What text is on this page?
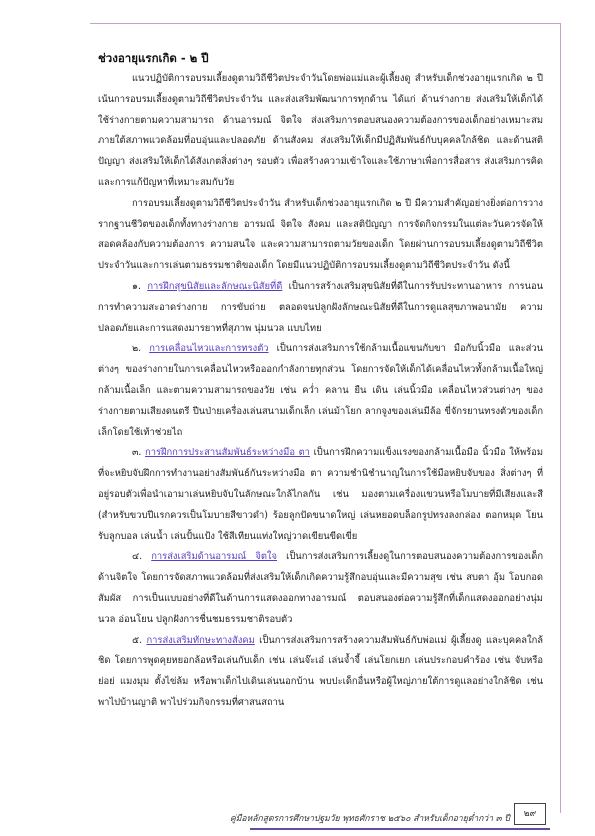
ช่วงอายุแรกเกิด - ๒ ปี

แนวปฏิบัติการอบรมเลี้ยงดูตามวิถีชีวิตประจำวันโดยพ่อแม่และผู้เลี้ยงดู สำหรับเด็กช่วงอายุแรกเกิด ๒ ปี เน้นการอบรมเลี้ยงดูตามวิถีชีวิตประจำวัน และส่งเสริมพัฒนาการทุกด้าน ได้แก่ ด้านร่างกาย ส่งเสริมให้เด็กได้ใช้ร่างกายตามความสามารถ ด้านอารมณ์ จิตใจ ส่งเสริมการตอบสนองความต้องการของเด็กอย่างเหมาะสม ภายใต้สภาพแวดล้อมที่อบอุ่นและปลอดภัย ด้านสังคม ส่งเสริมให้เด็กมีปฏิสัมพันธ์กับบุคคลใกล้ชิด และด้านสติปัญญา ส่งเสริมให้เด็กได้สังเกตสิ่งต่างๆ รอบตัว เพื่อสร้างความเข้าใจและใช้ภาษาเพื่อการสื่อสาร ส่งเสริมการคิด และการแก้ปัญหาที่เหมาะสมกับวัย

การอบรมเลี้ยงดูตามวิถีชีวิตประจำวัน สำหรับเด็กช่วงอายุแรกเกิด ๒ ปี มีความสำคัญอย่างยิ่งต่อการวางรากฐานชีวิตของเด็กทั้งทางร่างกาย อารมณ์ จิตใจ สังคม และสติปัญญา การจัดกิจกรรมในแต่ละวันควรจัดให้สอดคล้องกับความต้องการ ความสนใจ และความสามารถตามวัยของเด็ก โดยผ่านการอบรมเลี้ยงดูตามวิถีชีวิตประจำวันและการเล่นตามธรรมชาติของเด็ก โดยมีแนวปฏิบัติการอบรมเลี้ยงดูตามวิถีชีวิตประจำวัน ดังนี้

๑. การฝึกสุขนิสัยและลักษณะนิสัยที่ดี เป็นการสร้างเสริมสุขนิสัยที่ดีในการรับประทานอาหาร การนอน การทำความสะอาดร่างกาย การขับถ่าย ตลอดจนปลูกฝังลักษณะนิสัยที่ดีในการดูแลสุขภาพอนามัย ความปลอดภัยและการแสดงมารยาทที่สุภาพ นุ่มนวล แบบไทย

๒. การเคลื่อนไหวและการทรงตัว เป็นการส่งเสริมการใช้กล้ามเนื้อแขนกับขา มือกับนิ้วมือ และส่วนต่างๆ ของร่างกายในการเคลื่อนไหวหรือออกกำลังกายทุกส่วน โดยการจัดให้เด็กได้เคลื่อนไหวทั้งกล้ามเนื้อใหญ่ กล้ามเนื้อเล็ก และตามความสามารถของวัย เช่น คว่ำ คลาน ยืน เดิน เล่นนิ้วมือ เคลื่อนไหวส่วนต่างๆ ของร่างกายตามเสียงดนตรี ปีนป่ายเครื่องเล่นสนามเด็กเล็ก เล่นม้าโยก ลากจูงของเล่นมีล้อ ขี่จักรยานทรงตัวของเด็กเล็กโดยใช้เท้าช่วยไถ

๓. การฝึกการประสานสัมพันธ์ระหว่างมือ ตา เป็นการฝึกความแข็งแรงของกล้ามเนื้อมือ นิ้วมือ ให้พร้อมที่จะหยิบจับฝึกการทำงานอย่างสัมพันธ์กันระหว่างมือ ตา ความชำนิชำนาญในการใช้มือหยิบจับของ สิ่งต่างๆ ที่อยู่รอบตัวเพื่อนำเอามาเล่นหยิบจับในลักษณะใกล้ไกลกัน เช่น มองตามเครื่องแขวนหรือโมบายที่มีเสียงและสี (สำหรับขวบปีแรกควรเป็นโมบายสีขาวดำ) ร้อยลูกปัดขนาดใหญ่ เล่นหยอดบล็อกรูปทรงลงกล่อง ตอกหมุด โยนรับลูกบอล เล่นน้ำ เล่นปั้นแป้ง ใช้สีเทียนแท่งใหญ่วาดเขียนขีดเขี่ย

๔. การส่งเสริมด้านอารมณ์ จิตใจ เป็นการส่งเสริมการเลี้ยงดูในการตอบสนองความต้องการของเด็ก ด้านจิตใจ โดยการจัดสภาพแวดล้อมที่ส่งเสริมให้เด็กเกิดความรู้สึกอบอุ่นและมีความสุข เช่น สบตา อุ้ม โอบกอด สัมผัส การเป็นแบบอย่างที่ดีในด้านการแสดงออกทางอารมณ์ ตอบสนองต่อความรู้สึกที่เด็กแสดงออกอย่างนุ่มนวล อ่อนโยน ปลูกฝังการชื่นชมธรรมชาติรอบตัว

๕. การส่งเสริมทักษะทางสังคม เป็นการส่งเสริมการสร้างความสัมพันธ์กับพ่อแม่ ผู้เลี้ยงดู และบุคคลใกล้ชิด โดยการพูดคุยหยอกล้อหรือเล่นกับเด็ก เช่น เล่นจ๊ะเอ๋ เล่นจ้ำจี้ เล่นโยกเยก เล่นประกอบคำร้อง เช่น จับหรือย่อย่ แมงมุม ตั้งไข่ล้ม หรือพาเด็กไปเดินเล่นนอกบ้าน พบปะเด็กอื่นหรือผู้ใหญ่ภายใต้การดูแลอย่างใกล้ชิด เช่น พาไปบ้านญาติ พาไปร่วมกิจกรรมที่ศาสนสถาน

คู่มือหลักสูตรการศึกษาปฐมวัย พุทธศักราช ๒๕๖๐ สำหรับเด็กอายุต่ำกว่า ๓ ปี	๒๙
